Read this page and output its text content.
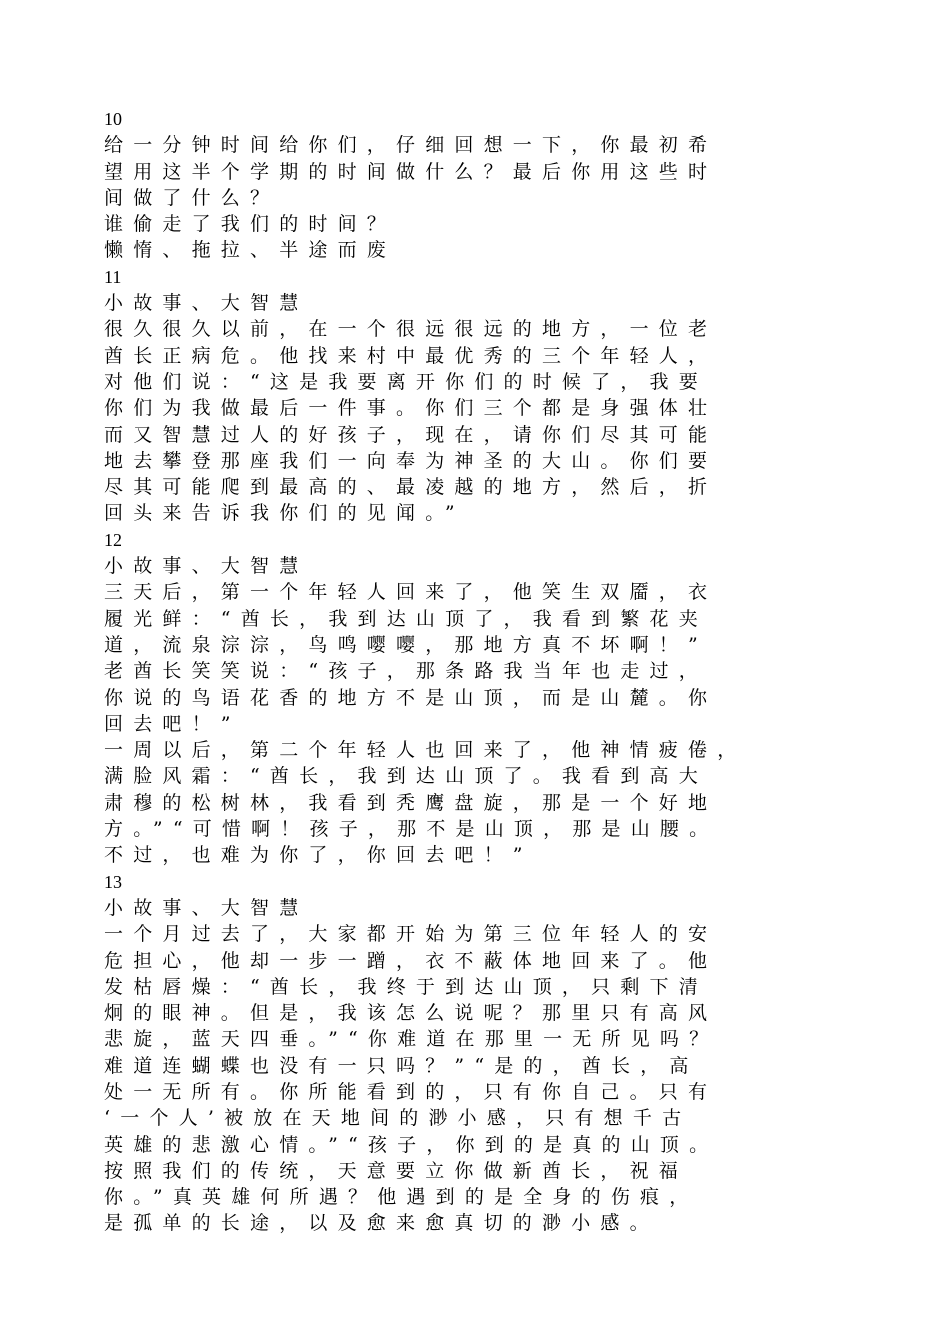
10
给一分钟时间给你们，仔细回想一下，你最初希
望用这半个学期的时间做什么？最后你用这些时
间做了什么？
谁偷走了我们的时间？
懒惰、拖拉、半途而废
11
小故事、大智慧
很久很久以前，在一个很远很远的地方，一位老
酋长正病危。他找来村中最优秀的三个年轻人，
对他们说：“这是我要离开你们的时候了，我要
你们为我做最后一件事。你们三个都是身强体壮
而又智慧过人的好孩子，现在，请你们尽其可能
地去攀登那座我们一向奉为神圣的大山。你们要
尽其可能爬到最高的、最凌越的地方，然后，折
回头来告诉我你们的见闻。”
12
小故事、大智慧
三天后，第一个年轻人回来了，他笑生双靥，衣
履光鲜：“酋长，我到达山顶了，我看到繁花夹
道，流泉淙淙，鸟鸣嘤嘤，那地方真不坏啊！”
老酋长笑笑说：“孩子，那条路我当年也走过，
你说的鸟语花香的地方不是山顶，而是山麓。你
回去吧！”
一周以后，第二个年轻人也回来了，他神情疲倦，
满脸风霜：“酋长，我到达山顶了。我看到高大
肃穆的松树林，我看到秃鹰盘旋，那是一个好地
方。”“可惜啊！孩子，那不是山顶，那是山腰。
不过，也难为你了，你回去吧！”
13
小故事、大智慧
一个月过去了，大家都开始为第三位年轻人的安
危担心，他却一步一蹭，衣不蔽体地回来了。他
发枯唇燥：“酋长，我终于到达山顶，只剩下清
炯的眼神。但是，我该怎么说呢？那里只有高风
悲旋，蓝天四垂。”“你难道在那里一无所见吗？
难道连蝴蝶也没有一只吗？”“是的，酋长，高
处一无所有。你所能看到的，只有你自己。只有
‘一个人’被放在天地间的渺小感，只有想千古
英雄的悲激心情。”“孩子，你到的是真的山顶。
按照我们的传统，天意要立你做新酋长，祝福
你。”真英雄何所遇？他遇到的是全身的伤痕，
是孤单的长途，以及愈来愈真切的渺小感。
